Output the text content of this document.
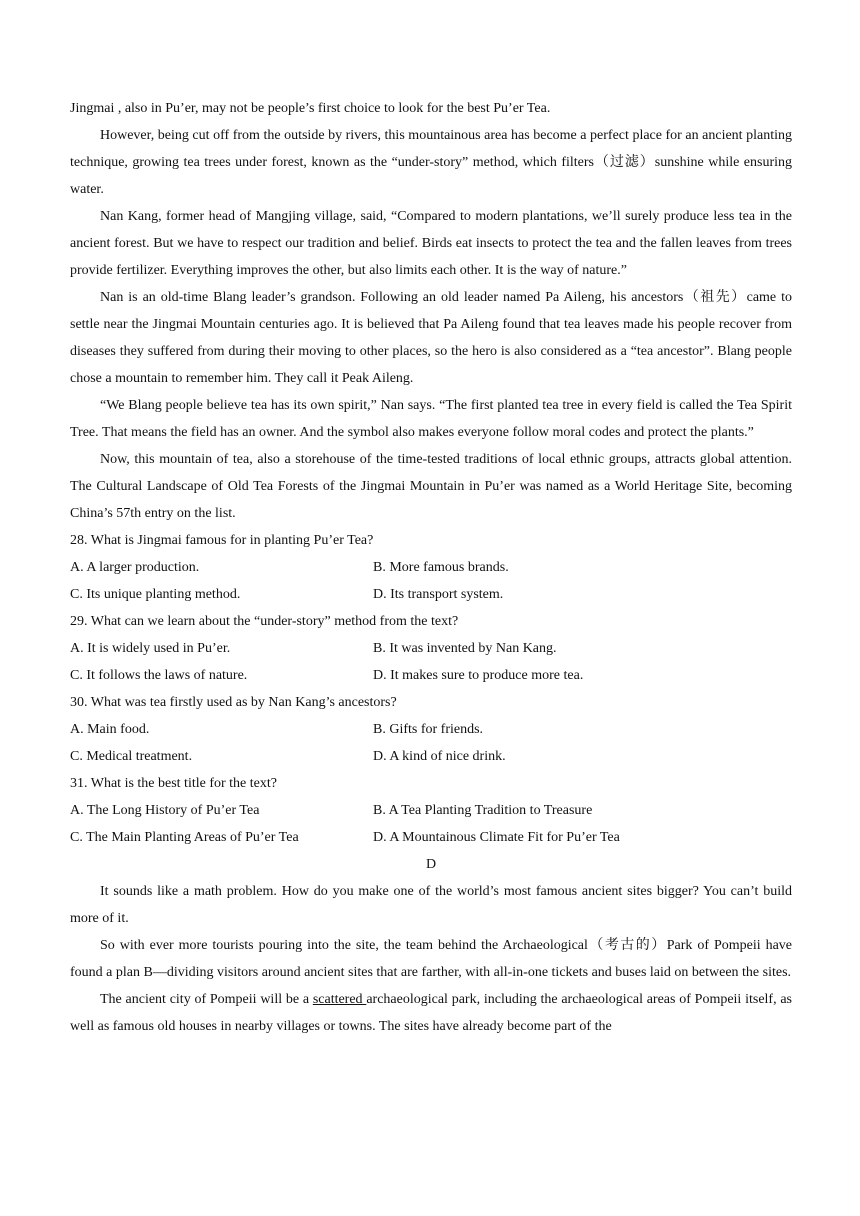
Jingmai , also in Pu’er, may not be people’s first choice to look for the best Pu’er Tea.

However, being cut off from the outside by rivers, this mountainous area has become a perfect place for an ancient planting technique, growing tea trees under forest, known as the “under-story” method, which filters（过滤）sunshine while ensuring water.

Nan Kang, former head of Mangjing village, said, “Compared to modern plantations, we’ll surely produce less tea in the ancient forest. But we have to respect our tradition and belief. Birds eat insects to protect the tea and the fallen leaves from trees provide fertilizer. Everything improves the other, but also limits each other. It is the way of nature.”

Nan is an old-time Blang leader’s grandson. Following an old leader named Pa Aileng, his ancestors（祖先）came to settle near the Jingmai Mountain centuries ago. It is believed that Pa Aileng found that tea leaves made his people recover from diseases they suffered from during their moving to other places, so the hero is also considered as a “tea ancestor”. Blang people chose a mountain to remember him. They call it Peak Aileng.

“We Blang people believe tea has its own spirit,” Nan says. “The first planted tea tree in every field is called the Tea Spirit Tree. That means the field has an owner. And the symbol also makes everyone follow moral codes and protect the plants.”

Now, this mountain of tea, also a storehouse of the time-tested traditions of local ethnic groups, attracts global attention. The Cultural Landscape of Old Tea Forests of the Jingmai Mountain in Pu’er was named as a World Heritage Site, becoming China’s 57th entry on the list.

28. What is Jingmai famous for in planting Pu’er Tea?

A. A larger production.	B. More famous brands.
C. Its unique planting method.	D. Its transport system.

29. What can we learn about the “under-story” method from the text?

A. It is widely used in Pu’er.	B. It was invented by Nan Kang.
C. It follows the laws of nature.	D. It makes sure to produce more tea.

30. What was tea firstly used as by Nan Kang’s ancestors?

A. Main food.	B. Gifts for friends.
C. Medical treatment.	D. A kind of nice drink.

31. What is the best title for the text?

A. The Long History of Pu’er Tea	B. A Tea Planting Tradition to Treasure
C. The Main Planting Areas of Pu’er Tea	D. A Mountainous Climate Fit for Pu’er Tea

D

It sounds like a math problem. How do you make one of the world’s most famous ancient sites bigger? You can’t build more of it.

So with ever more tourists pouring into the site, the team behind the Archaeological（考古的）Park of Pompeii have found a plan B—dividing visitors around ancient sites that are farther, with all-in-one tickets and buses laid on between the sites.

The ancient city of Pompeii will be a scattered archaeological park, including the archaeological areas of Pompeii itself, as well as famous old houses in nearby villages or towns. The sites have already become part of the
